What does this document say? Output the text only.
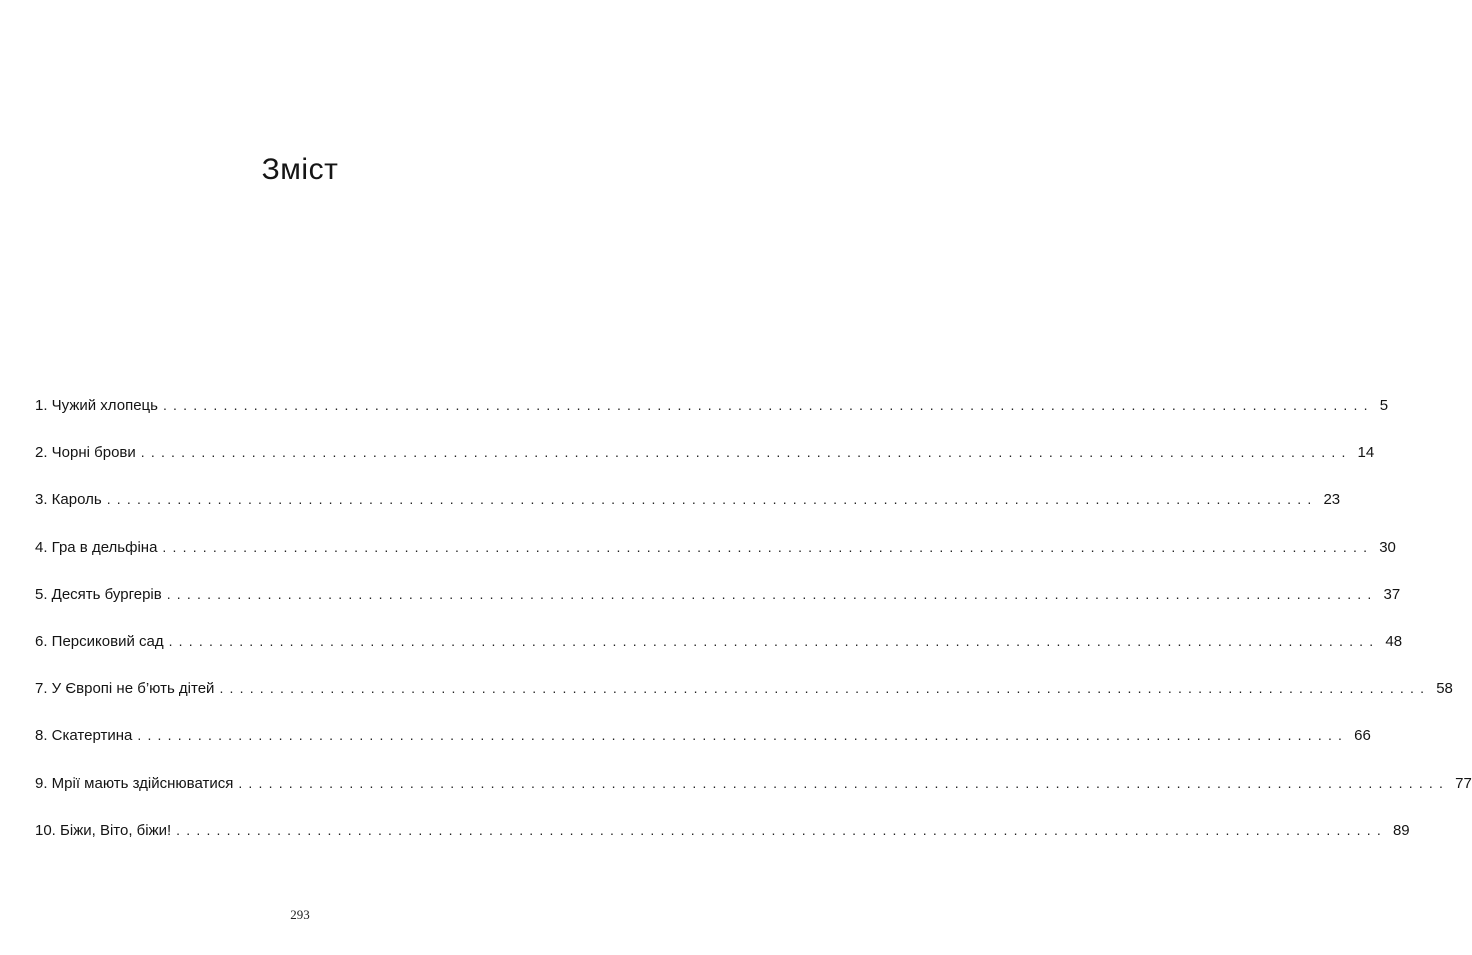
Зміст
1. Чужий хлопець ........................................................................................................................ 5
2. Чорні брови ........................................................................................................................ 14
3. Кароль ........................................................................................................................ 23
4. Гра в дельфіна ........................................................................................................................ 30
5. Десять бургерів ........................................................................................................................ 37
6. Персиковий сад ........................................................................................................................ 48
7. У Європі не б’ють дітей ........................................................................................................................ 58
8. Скатертина ........................................................................................................................ 66
9. Мрії мають здійснюватися ........................................................................................................................ 77
10. Біжи, Віто, біжи! ........................................................................................................................ 89
293
